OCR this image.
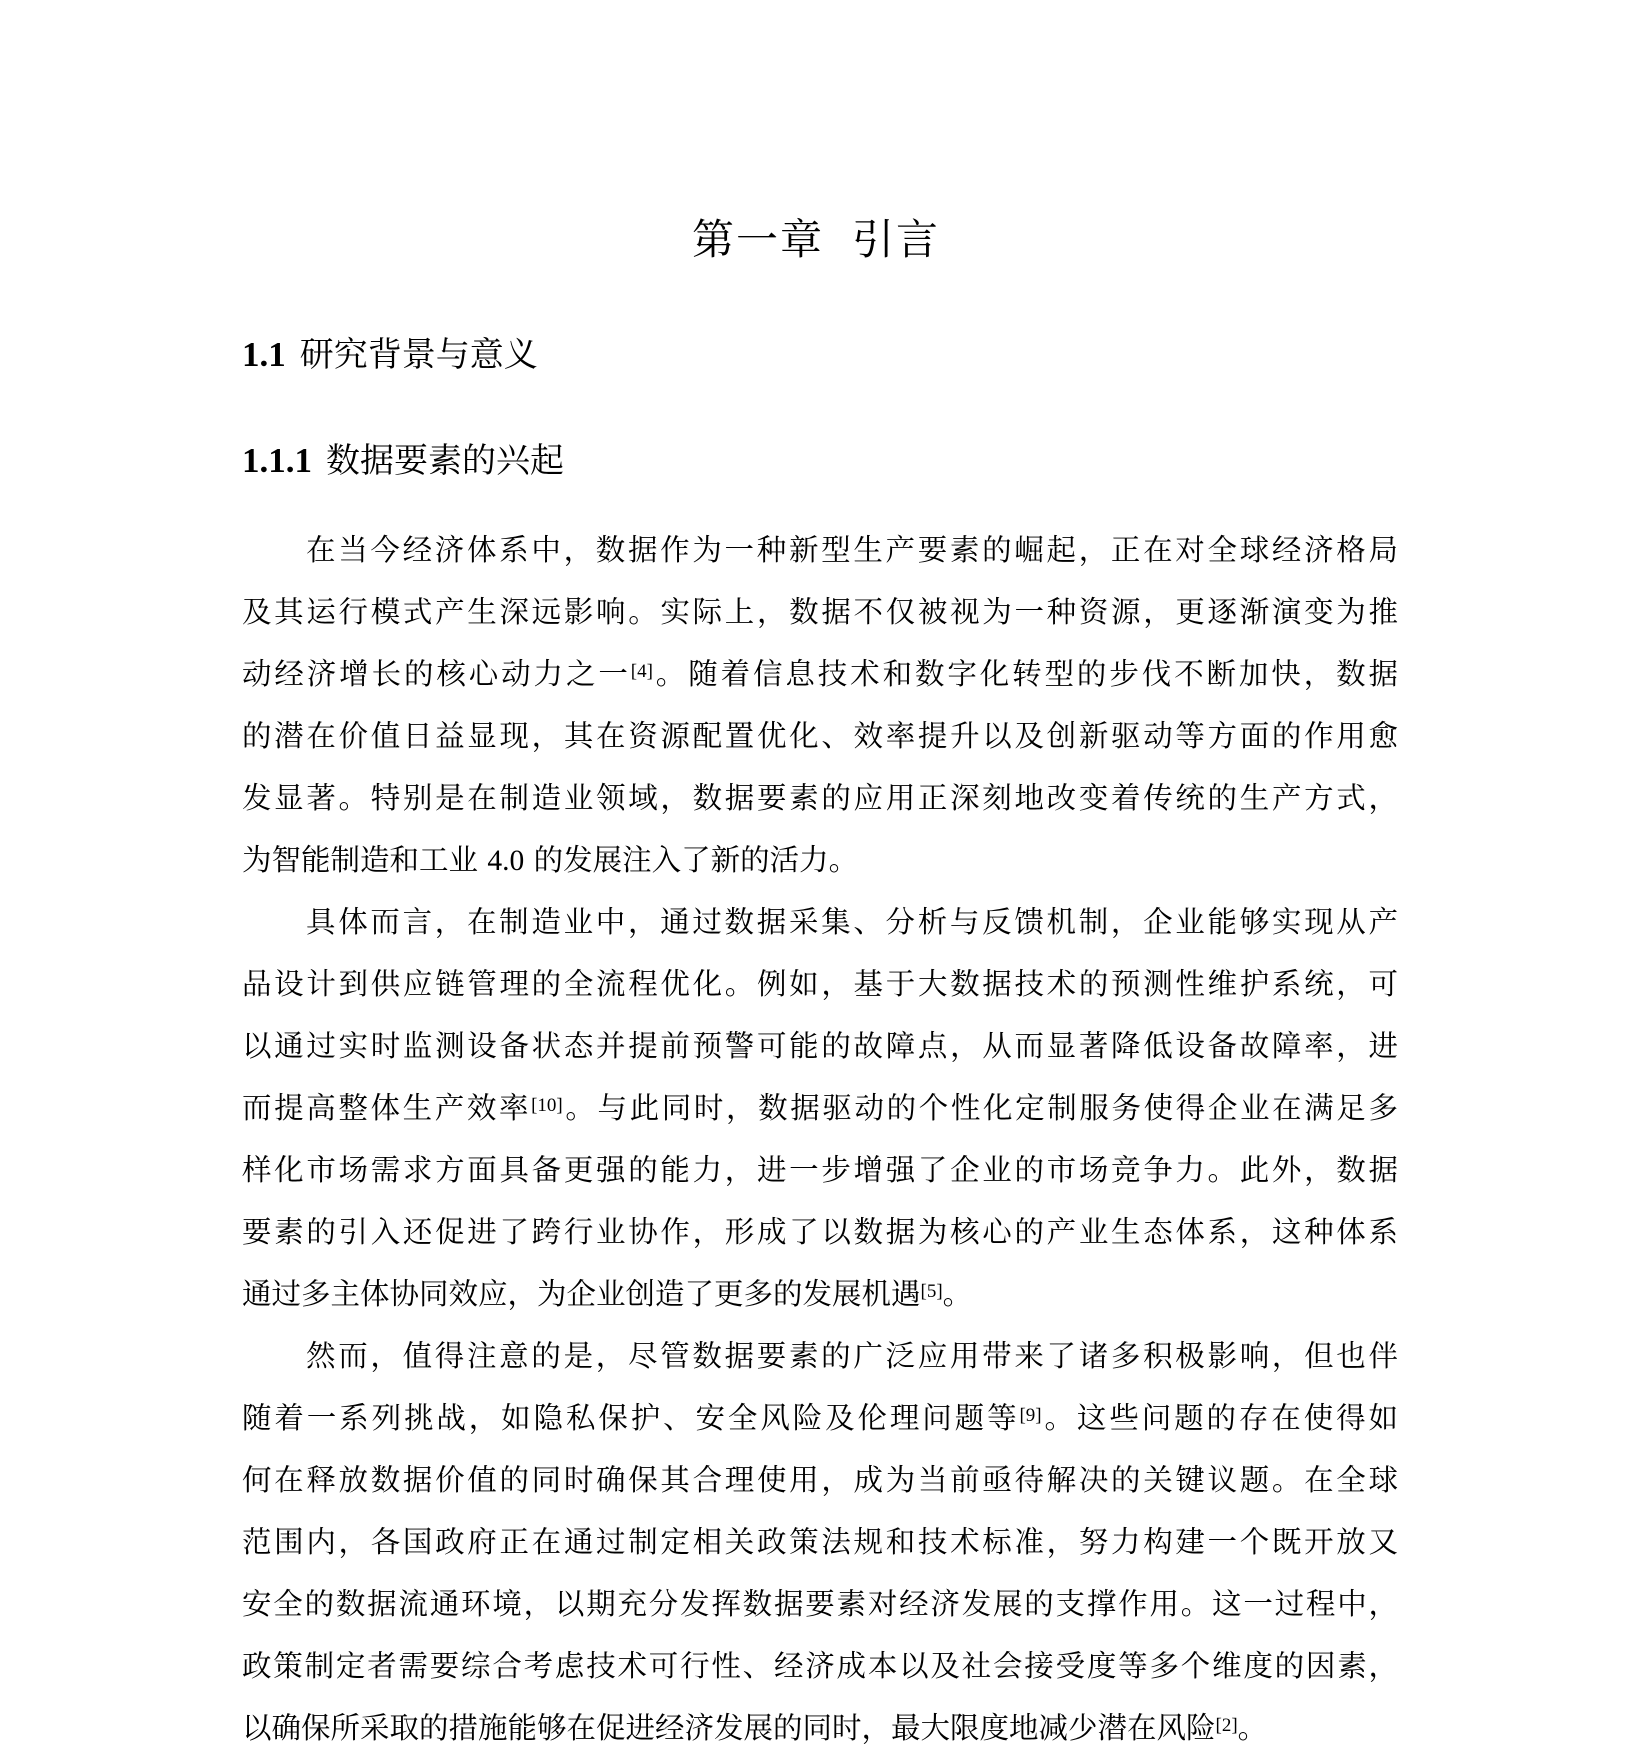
第一章 引言
1.1 研究背景与意义
1.1.1 数据要素的兴起

在当今经济体系中，数据作为一种新型生产要素的崛起，正在对全球经济格局
及其运行模式产生深远影响。实际上，数据不仅被视为一种资源，更逐渐演变为推
动经济增长的核心动力之一[4]。随着信息技术和数字化转型的步伐不断加快，数据
的潜在价值日益显现，其在资源配置优化、效率提升以及创新驱动等方面的作用愈
发显著。特别是在制造业领域，数据要素的应用正深刻地改变着传统的生产方式，
为智能制造和工业 4.0 的发展注入了新的活力。

具体而言，在制造业中，通过数据采集、分析与反馈机制，企业能够实现从产
品设计到供应链管理的全流程优化。例如，基于大数据技术的预测性维护系统，可
以通过实时监测设备状态并提前预警可能的故障点，从而显著降低设备故障率，进
而提高整体生产效率[10]。与此同时，数据驱动的个性化定制服务使得企业在满足多
样化市场需求方面具备更强的能力，进一步增强了企业的市场竞争力。此外，数据
要素的引入还促进了跨行业协作，形成了以数据为核心的产业生态体系，这种体系
通过多主体协同效应，为企业创造了更多的发展机遇[5]。

然而，值得注意的是，尽管数据要素的广泛应用带来了诸多积极影响，但也伴
随着一系列挑战，如隐私保护、安全风险及伦理问题等[9]。这些问题的存在使得如
何在释放数据价值的同时确保其合理使用，成为当前亟待解决的关键议题。在全球
范围内，各国政府正在通过制定相关政策法规和技术标准，努力构建一个既开放又
安全的数据流通环境，以期充分发挥数据要素对经济发展的支撑作用。这一过程中，
政策制定者需要综合考虑技术可行性、经济成本以及社会接受度等多个维度的因素，
以确保所采取的措施能够在促进经济发展的同时，最大限度地减少潜在风险[2]。
